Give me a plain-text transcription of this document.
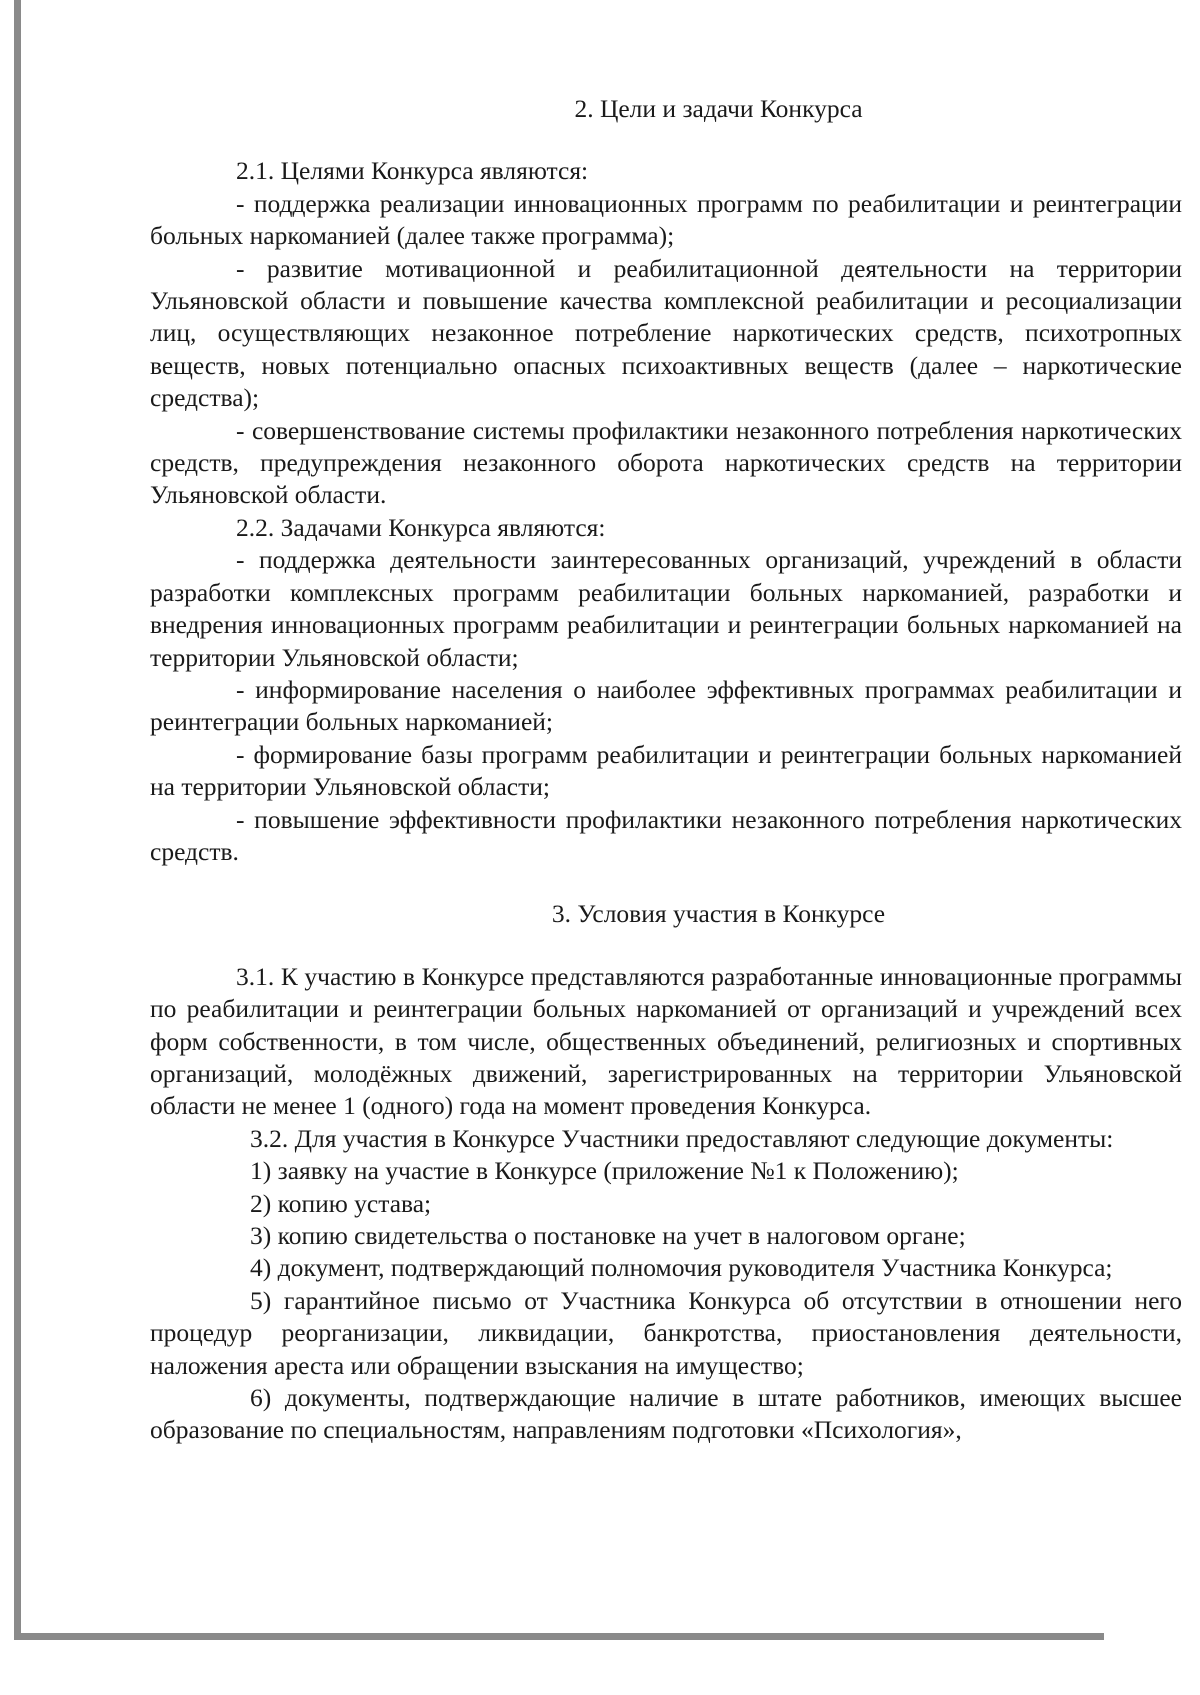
2. Цели и задачи Конкурса

2.1. Целями Конкурса являются:

- поддержка реализации инновационных программ по реабилитации и реинтеграции больных наркоманией (далее также программа);

- развитие мотивационной и реабилитационной деятельности на территории Ульяновской области и повышение качества комплексной реабилитации и ресоциализации лиц, осуществляющих незаконное потребление наркотических средств, психотропных веществ, новых потенциально опасных психоактивных веществ (далее – наркотические средства);

- совершенствование системы профилактики незаконного потребления наркотических средств, предупреждения незаконного оборота наркотических средств на территории Ульяновской области.

2.2. Задачами Конкурса являются:

- поддержка деятельности заинтересованных организаций, учреждений в области разработки комплексных программ реабилитации больных наркоманией, разработки и внедрения инновационных программ реабилитации и реинтеграции больных наркоманией на территории Ульяновской области;

- информирование населения о наиболее эффективных программах реабилитации и реинтеграции больных наркоманией;

- формирование базы программ реабилитации и реинтеграции больных наркоманией на территории Ульяновской области;

- повышение эффективности профилактики незаконного потребления наркотических средств.

3. Условия участия в Конкурсе

3.1. К участию в Конкурсе представляются разработанные инновационные программы по реабилитации и реинтеграции больных наркоманией от организаций и учреждений всех форм собственности, в том числе, общественных объединений, религиозных и спортивных организаций, молодёжных движений, зарегистрированных на территории Ульяновской области не менее 1 (одного) года на момент проведения Конкурса.

3.2. Для участия в Конкурсе Участники предоставляют следующие документы:

1) заявку на участие в Конкурсе (приложение №1 к Положению);

2) копию устава;

3) копию свидетельства о постановке на учет в налоговом органе;

4) документ, подтверждающий полномочия руководителя Участника Конкурса;

5) гарантийное письмо от Участника Конкурса об отсутствии в отношении него процедур реорганизации, ликвидации, банкротства, приостановления деятельности, наложения ареста или обращении взыскания на имущество;

6) документы, подтверждающие наличие в штате работников, имеющих высшее образование по специальностям, направлениям подготовки «Психология»,
